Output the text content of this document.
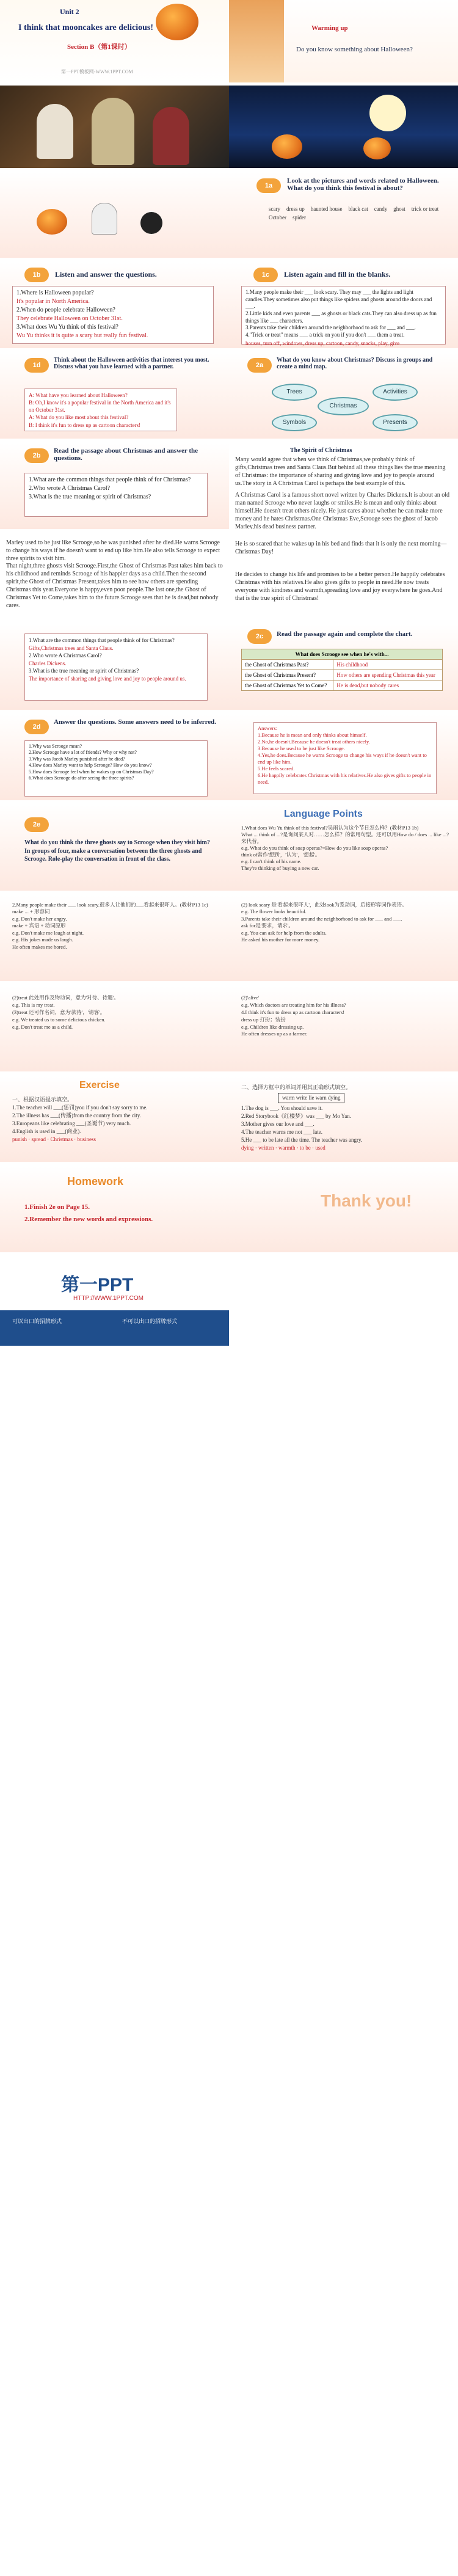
Unit 2
I think that mooncakes are delicious!
Section B（第1课时）
第一PPT模板网-WWW.1PPT.COM
Warming up
Do you know something about Halloween?
1a
Look at the pictures and words related to Halloween. What do you think this festival is about?
scary dress up haunted house black cat candy ghost trick or treat
October spider
1b	Listen and answer the questions.
1.Where is Halloween popular?
It's popular in North America.
2.When do people celebrate Halloween?
They celebrate Halloween on October 31st.
3.What does Wu Yu think of this festival?
Wu Yu thinks it is quite a scary but really fun festival.
1c	Listen again and fill in the blanks.
1.Many people make their ___ look scary. They may ___ the lights and light candles.They sometimes also put things like spiders and ghosts around the doors and ___.
2.Little kids and even parents ___ as ghosts or black cats.They can also dress up as fun things like ___ characters.
3.Parents take their children around the neighborhood to ask for ___ and ___.
4."Trick or treat" means ___ a trick on you if you don't ___ them a treat.
houses, turn off, windows, dress up, cartoon, candy, snacks, play, give
1d
Think about the Halloween activities that interest you most. Discuss what you have learned with a partner.
A: What have you learned about Halloween?
B: Oh,I know it's a popular festival in the North America and it's on October 31st.
A: What do you like most about this festival?
B: I think it's fun to dress up as cartoon characters!
2a
What do you know about Christmas? Discuss in groups and create a mind map.
Trees
Christmas
Activities
Symbols	Presents
2b
Read the passage about Christmas and answer the questions.
1.What are the common things that people think of for Christmas?
2.Who wrote A Christmas Carol?
3.What is the true meaning or spirit of Christmas?
The Spirit of Christmas
Many would agree that when we think of Christmas,we probably think of gifts,Christmas trees and Santa Claus.But behind all these things lies the true meaning of Christmas: the importance of sharing and giving love and joy to people around us.The story in A Christmas Carol is perhaps the best example of this.
A Christmas Carol is a famous short novel written by Charles Dickens.It is about an old man named Scrooge who never laughs or smiles.He is mean and only thinks about himself.He doesn't treat others nicely. He just cares about whether he can make more money and he hates Christmas.One Christmas Eve,Scrooge sees the ghost of Jacob Marley,his dead business partner.
Marley used to be just like Scrooge,so he was punished after he died.He warns Scrooge to change his ways if he doesn't want to end up like him.He also tells Scrooge to expect three spirits to visit him.
That night,three ghosts visit Scrooge.First,the Ghost of Christmas Past takes him back to his childhood and reminds Scrooge of his happier days as a child.Then the second spirit,the Ghost of Christmas Present,takes him to see how others are spending Christmas this year.Everyone is happy,even poor people.The last one,the Ghost of Christmas Yet to Come,takes him to the future.Scrooge sees that he is dead,but nobody cares.
He is so scared that he wakes up in his bed and finds that it is only the next morning—Christmas Day!
He decides to change his life and promises to be a better person.He happily celebrates Christmas with his relatives.He also gives gifts to people in need.He now treats everyone with kindness and warmth,spreading love and joy everywhere he goes.And that is the true spirit of Christmas!
1.What are the common things that people think of for Christmas?
Gifts,Christmas trees and Santa Claus.
2.Who wrote A Christmas Carol?
Charles Dickens.
3.What is the true meaning or spirit of Christmas?
The importance of sharing and giving love and joy to people around us.
2c	Read the passage again and complete the chart.
What does Scrooge see when he's with...	
the Ghost of Christmas Past?	His childhood
the Ghost of Christmas Present?	How others are spending Christmas this year
the Ghost of Christmas Yet to Come?	He is dead,but nobody cares
2d
Answer the questions. Some answers need to be inferred.
1.Why was Scrooge mean?
2.How Scrooge have a lot of friends? Why or why not?
3.Why was Jacob Marley punished after he died?
4.How does Marley want to help Scrooge? How do you know?
5.How does Scrooge feel when he wakes up on Christmas Day?
6.What does Scrooge do after seeing the three spirits?
Answers:
1.Because he is mean and only thinks about himself.
2.No,he doesn't.Because he doesn't treat others nicely.
3.Because he used to be just like Scrooge.
4.Yes,he does.Because he warns Scrooge to change his ways if he doesn't want to end up like him.
5.He feels scared.
6.He happily celebrates Christmas with his relatives.He also gives gifts to people in need.
2e
What do you think the three ghosts say to Scrooge when they visit him? In groups of four, make a conversation between the three ghosts and Scrooge. Role-play the conversation in front of the class.
Language Points
1.What does Wu Yu think of this festival?吴雨认为这个节日怎么样？(教材P13 1b)
What ... think of ...?是询问某人对……怎么样？的常用句型。还可以用How do / does ... like ...?来代替。
e.g. What do you think of soap operas?=How do you like soap operas?
think of常作'想到'，'认为'，'想起'。
e.g. I can't think of his name.
They're thinking of buying a new car.
2.Many people make their ___ look scary.很多人让他们的___看起来很吓人。(教材P13 1c)
make ... + 形容词
e.g. Don't make her angry.
make + 宾语 + 动词原形
e.g. Don't make me laugh at night.
e.g. His jokes made us laugh.
He often makes me bored.
(2) look scary 是'看起来很吓人'，此处look为系动词，后接形容词作表语。
e.g. The flower looks beautiful.
3.Parents take their children around the neighborhood to ask for ___ and ___.
ask for是'要求，请求'。
e.g. You can ask for help from the adults.
He asked his mother for more money.
(2)treat 此处用作及物动词，意为'对待、待遇'。
e.g. This is my treat.
(3)treat 还可作名词，意为'款待'，'请客'。
e.g. We treated us to some delicious chicken.
e.g. Don't treat me as a child.
(2)'alive'
e.g. Which doctors are treating him for his illness?
4.I think it's fun to dress up as cartoon characters!
dress up 打扮；装扮
e.g. Children like dressing up.
He often dresses up as a farmer.
Exercise
一、根据汉语提示填空。
1.The teacher will ___(惩罚)you if you don't say sorry to me.
2.The illness has ___(传播)from the country from the city.
3.Europeans like celebrating ___(圣诞节) very much.
4.English is used in ___(商业).
punish · spread · Christmas · business
二、选择方框中的单词并用其正确形式填空。
warm write lie warn dying
1.The dog is ___. You should save it.
2.Red Storybook《红楼梦》was ___ by Mo Yan.
3.Mother gives our love and ___.
4.The teacher warns me not ___ late.
5.He ___ to be late all the time. The teacher was angry.
dying · written · warmth · to be · used
Homework
1.Finish 2e on Page 15.
2.Remember the new words and expressions.
Thank you!
第一PPT
HTTP://WWW.1PPT.COM
可以出口的招牌形式	不可以出口的招牌形式
